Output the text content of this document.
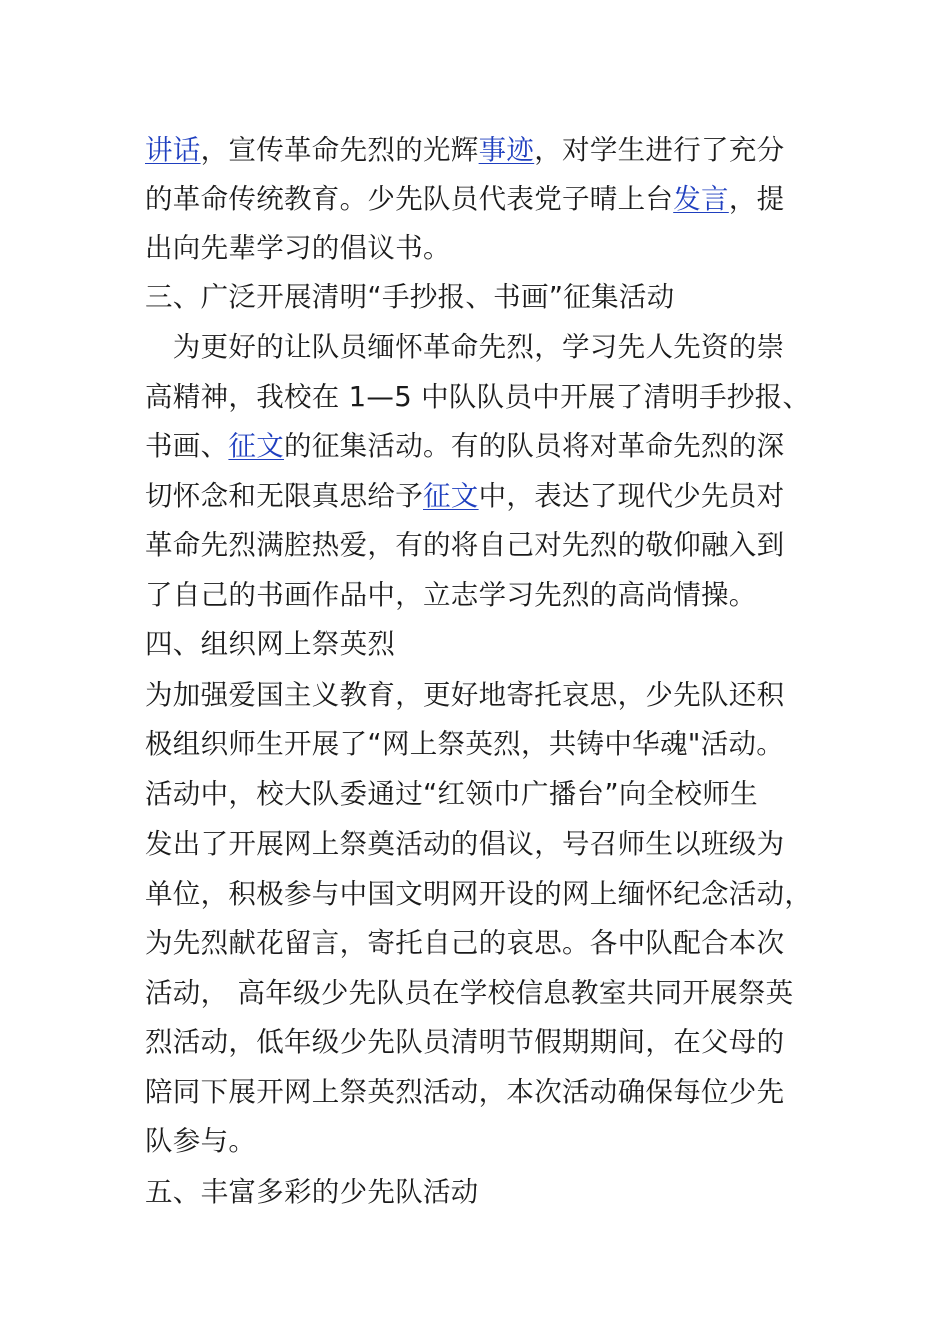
讲话，宣传革命先烈的光辉事迹，对学生进行了充分
的革命传统教育。少先队员代表党子晴上台发言，提
出向先辈学习的倡议书。
三、广泛开展清明“手抄报、书画”征集活动
　为更好的让队员缅怀革命先烈，学习先人先资的崇
高精神，我校在 1—5 中队队员中开展了清明手抄报、
书画、征文的征集活动。有的队员将对革命先烈的深
切怀念和无限真思给予征文中，表达了现代少先员对
革命先烈满腔热爱，有的将自己对先烈的敬仰融入到
了自己的书画作品中，立志学习先烈的高尚情操。
四、组织网上祭英烈
为加强爱国主义教育，更好地寄托哀思，少先队还积
极组织师生开展了“网上祭英烈，共铸中华魂"活动。
活动中，校大队委通过“红领巾广播台”向全校师生
发出了开展网上祭奠活动的倡议，号召师生以班级为
单位，积极参与中国文明网开设的网上缅怀纪念活动，
为先烈献花留言，寄托自己的哀思。各中队配合本次
活动， 高年级少先队员在学校信息教室共同开展祭英
烈活动，低年级少先队员清明节假期期间，在父母的
陪同下展开网上祭英烈活动，本次活动确保每位少先
队参与。
五、丰富多彩的少先队活动
